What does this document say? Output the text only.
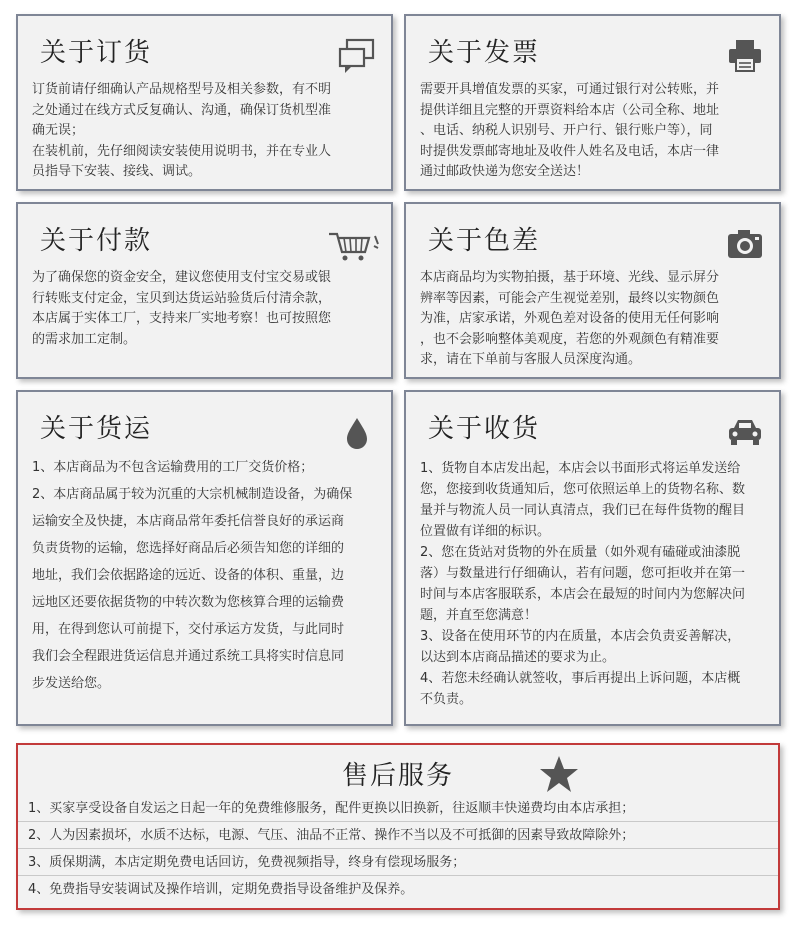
关于订货

订货前请仔细确认产品规格型号及相关参数，有不明

之处通过在线方式反复确认、沟通，确保订货机型准

确无误；

在装机前，先仔细阅读安装使用说明书，并在专业人

员指导下安装、接线、调试。

关于发票

需要开具增值发票的买家，可通过银行对公转账，并

提供详细且完整的开票资料给本店（公司全称、地址

、电话、纳税人识别号、开户行、银行账户等），同

时提供发票邮寄地址及收件人姓名及电话，本店一律

通过邮政快递为您安全送达！

关于付款

为了确保您的资金安全，建议您使用支付宝交易或银

行转账支付定金，宝贝到达货运站验货后付清余款，

本店属于实体工厂，支持来厂实地考察！也可按照您

的需求加工定制。

关于色差

本店商品均为实物拍摄，基于环境、光线、显示屏分

辨率等因素，可能会产生视觉差别，最终以实物颜色

为准，店家承诺，外观色差对设备的使用无任何影响

，也不会影响整体美观度，若您的外观颜色有精准要

求，请在下单前与客服人员深度沟通。

关于货运

1、本店商品为不包含运输费用的工厂交货价格；

2、本店商品属于较为沉重的大宗机械制造设备，为确保

运输安全及快捷，本店商品常年委托信誉良好的承运商

负责货物的运输，您选择好商品后必须告知您的详细的

地址，我们会依据路途的远近、设备的体积、重量，边

远地区还要依据货物的中转次数为您核算合理的运输费

用，在得到您认可前提下，交付承运方发货，与此同时

我们会全程跟进货运信息并通过系统工具将实时信息同

步发送给您。

关于收货

1、货物自本店发出起，本店会以书面形式将运单发送给

您，您接到收货通知后，您可依照运单上的货物名称、数

量并与物流人员一同认真清点，我们已在每件货物的醒目

位置做有详细的标识。

2、您在货站对货物的外在质量（如外观有磕碰或油漆脱

落）与数量进行仔细确认，若有问题，您可拒收并在第一

时间与本店客服联系，本店会在最短的时间内为您解决问

题，并直至您满意！

3、设备在使用环节的内在质量，本店会负责妥善解决，

以达到本店商品描述的要求为止。

4、若您未经确认就签收，事后再提出上诉问题，本店概

不负责。

售后服务
1、买家享受设备自发运之日起一年的免费维修服务，配件更换以旧换新，往返顺丰快递费均由本店承担；
2、人为因素损坏，水质不达标，电源、气压、油品不正常、操作不当以及不可抵御的因素导致故障除外；
3、质保期满，本店定期免费电话回访，免费视频指导，终身有偿现场服务；
4、免费指导安装调试及操作培训，定期免费指导设备维护及保养。
